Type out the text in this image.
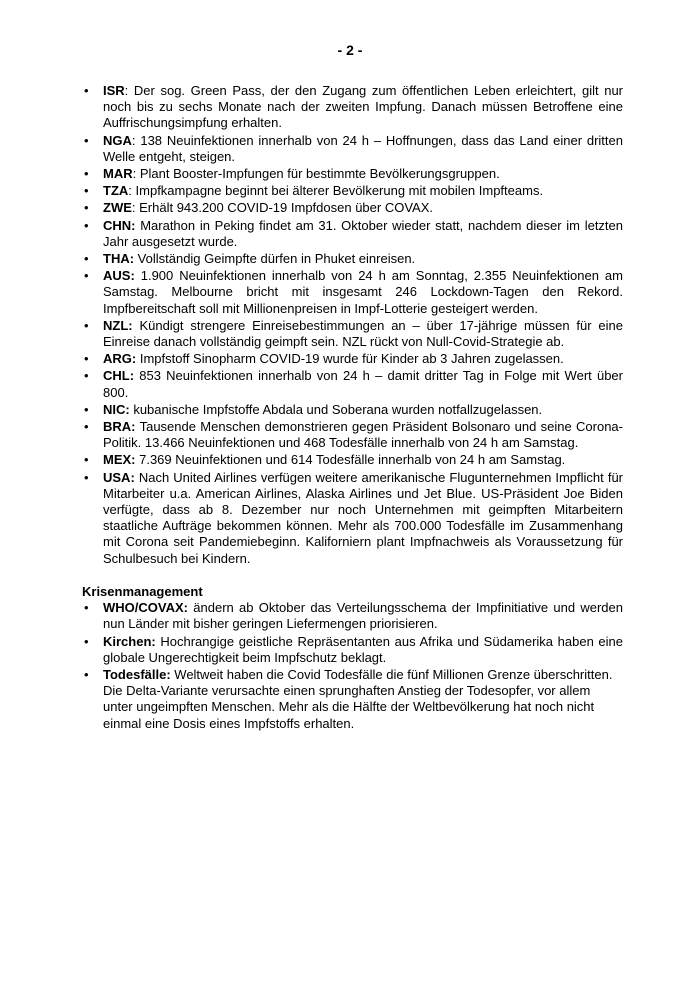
- 2 -
• ISR: Der sog. Green Pass, der den Zugang zum öffentlichen Leben erleichtert, gilt nur noch bis zu sechs Monate nach der zweiten Impfung. Danach müssen Betroffene eine Auffrischungsimpfung erhalten.
• NGA: 138 Neuinfektionen innerhalb von 24 h – Hoffnungen, dass das Land einer dritten Welle entgeht, steigen.
• MAR: Plant Booster-Impfungen für bestimmte Bevölkerungsgruppen.
• TZA: Impfkampagne beginnt bei älterer Bevölkerung mit mobilen Impfteams.
• ZWE: Erhält 943.200 COVID-19 Impfdosen über COVAX.
• CHN: Marathon in Peking findet am 31. Oktober wieder statt, nachdem dieser im letzten Jahr ausgesetzt wurde.
• THA: Vollständig Geimpfte dürfen in Phuket einreisen.
• AUS: 1.900 Neuinfektionen innerhalb von 24 h am Sonntag, 2.355 Neuinfektionen am Samstag. Melbourne bricht mit insgesamt 246 Lockdown-Tagen den Rekord. Impfbereitschaft soll mit Millionenpreisen in Impf-Lotterie gesteigert werden.
• NZL: Kündigt strengere Einreisebestimmungen an – über 17-jährige müssen für eine Einreise danach vollständig geimpft sein. NZL rückt von Null-Covid-Strategie ab.
• ARG: Impfstoff Sinopharm COVID-19 wurde für Kinder ab 3 Jahren zugelassen.
• CHL: 853 Neuinfektionen innerhalb von 24 h – damit dritter Tag in Folge mit Wert über 800.
• NIC: kubanische Impfstoffe Abdala und Soberana wurden notfallzugelassen.
• BRA: Tausende Menschen demonstrieren gegen Präsident Bolsonaro und seine Corona-Politik. 13.466 Neuinfektionen und 468 Todesfälle innerhalb von 24 h am Samstag.
• MEX: 7.369 Neuinfektionen und 614 Todesfälle innerhalb von 24 h am Samstag.
• USA: Nach United Airlines verfügen weitere amerikanische Flugunternehmen Impflicht für Mitarbeiter u.a. American Airlines, Alaska Airlines und Jet Blue. US-Präsident Joe Biden verfügte, dass ab 8. Dezember nur noch Unternehmen mit geimpften Mitarbeitern staatliche Aufträge bekommen können. Mehr als 700.000 Todesfälle im Zusammenhang mit Corona seit Pandemiebeginn. Kaliforniern plant Impfnachweis als Voraussetzung für Schulbesuch bei Kindern.
Krisenmanagement
• WHO/COVAX: ändern ab Oktober das Verteilungsschema der Impfinitiative und werden nun Länder mit bisher geringen Liefermengen priorisieren.
• Kirchen: Hochrangige geistliche Repräsentanten aus Afrika und Südamerika haben eine globale Ungerechtigkeit beim Impfschutz beklagt.
• Todesfälle: Weltweit haben die Covid Todesfälle die fünf Millionen Grenze überschritten. Die Delta-Variante verursachte einen sprunghaften Anstieg der Todesopfer, vor allem unter ungeimpften Menschen. Mehr als die Hälfte der Weltbevölkerung hat noch nicht einmal eine Dosis eines Impfstoffs erhalten.
